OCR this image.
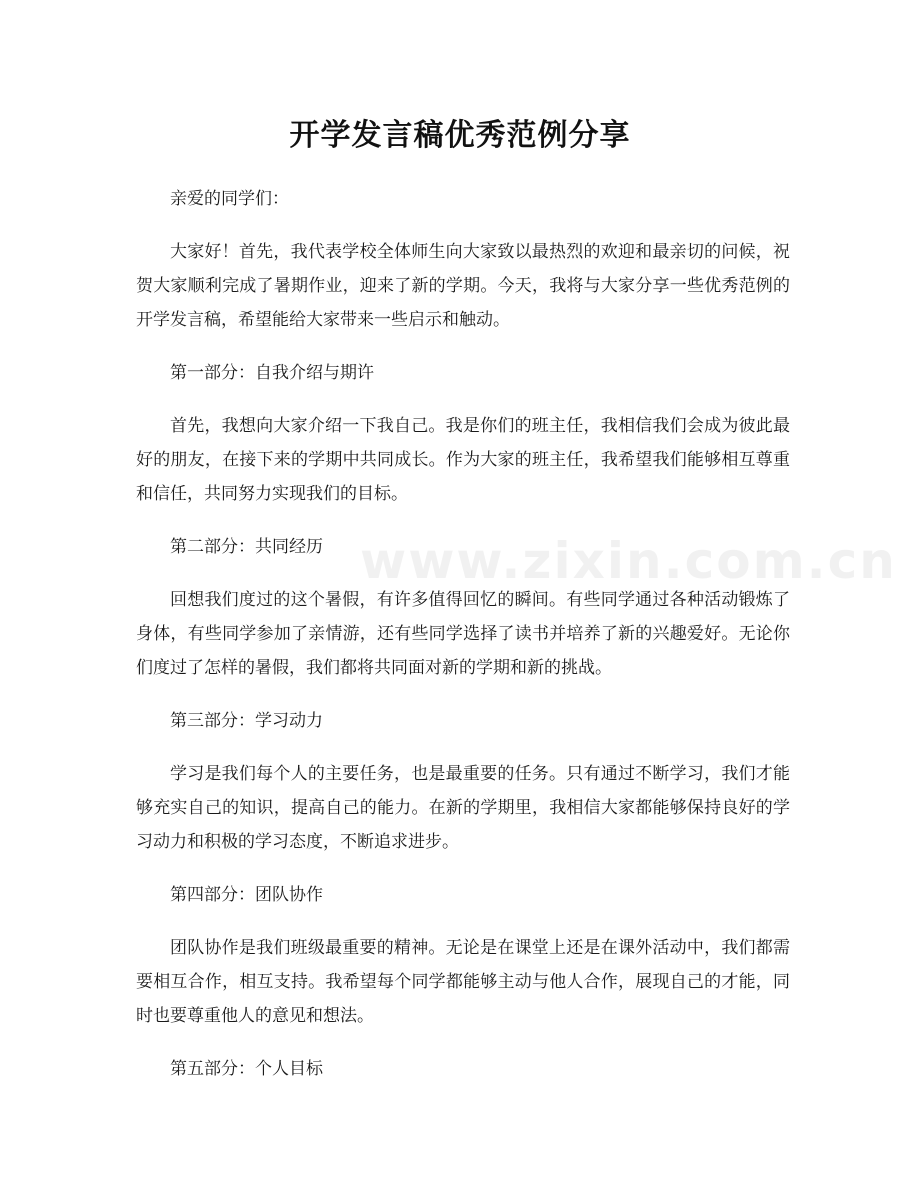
开学发言稿优秀范例分享
www.zixin.com.cn

亲爱的同学们：

大家好！首先，我代表学校全体师生向大家致以最热烈的欢迎和最亲切的问候，祝贺大家顺利完成了暑期作业，迎来了新的学期。今天，我将与大家分享一些优秀范例的开学发言稿，希望能给大家带来一些启示和触动。

第一部分：自我介绍与期许

首先，我想向大家介绍一下我自己。我是你们的班主任，我相信我们会成为彼此最好的朋友，在接下来的学期中共同成长。作为大家的班主任，我希望我们能够相互尊重和信任，共同努力实现我们的目标。

第二部分：共同经历

回想我们度过的这个暑假，有许多值得回忆的瞬间。有些同学通过各种活动锻炼了身体，有些同学参加了亲情游，还有些同学选择了读书并培养了新的兴趣爱好。无论你们度过了怎样的暑假，我们都将共同面对新的学期和新的挑战。

第三部分：学习动力

学习是我们每个人的主要任务，也是最重要的任务。只有通过不断学习，我们才能够充实自己的知识，提高自己的能力。在新的学期里，我相信大家都能够保持良好的学习动力和积极的学习态度，不断追求进步。

第四部分：团队协作

团队协作是我们班级最重要的精神。无论是在课堂上还是在课外活动中，我们都需要相互合作，相互支持。我希望每个同学都能够主动与他人合作，展现自己的才能，同时也要尊重他人的意见和想法。

第五部分：个人目标
